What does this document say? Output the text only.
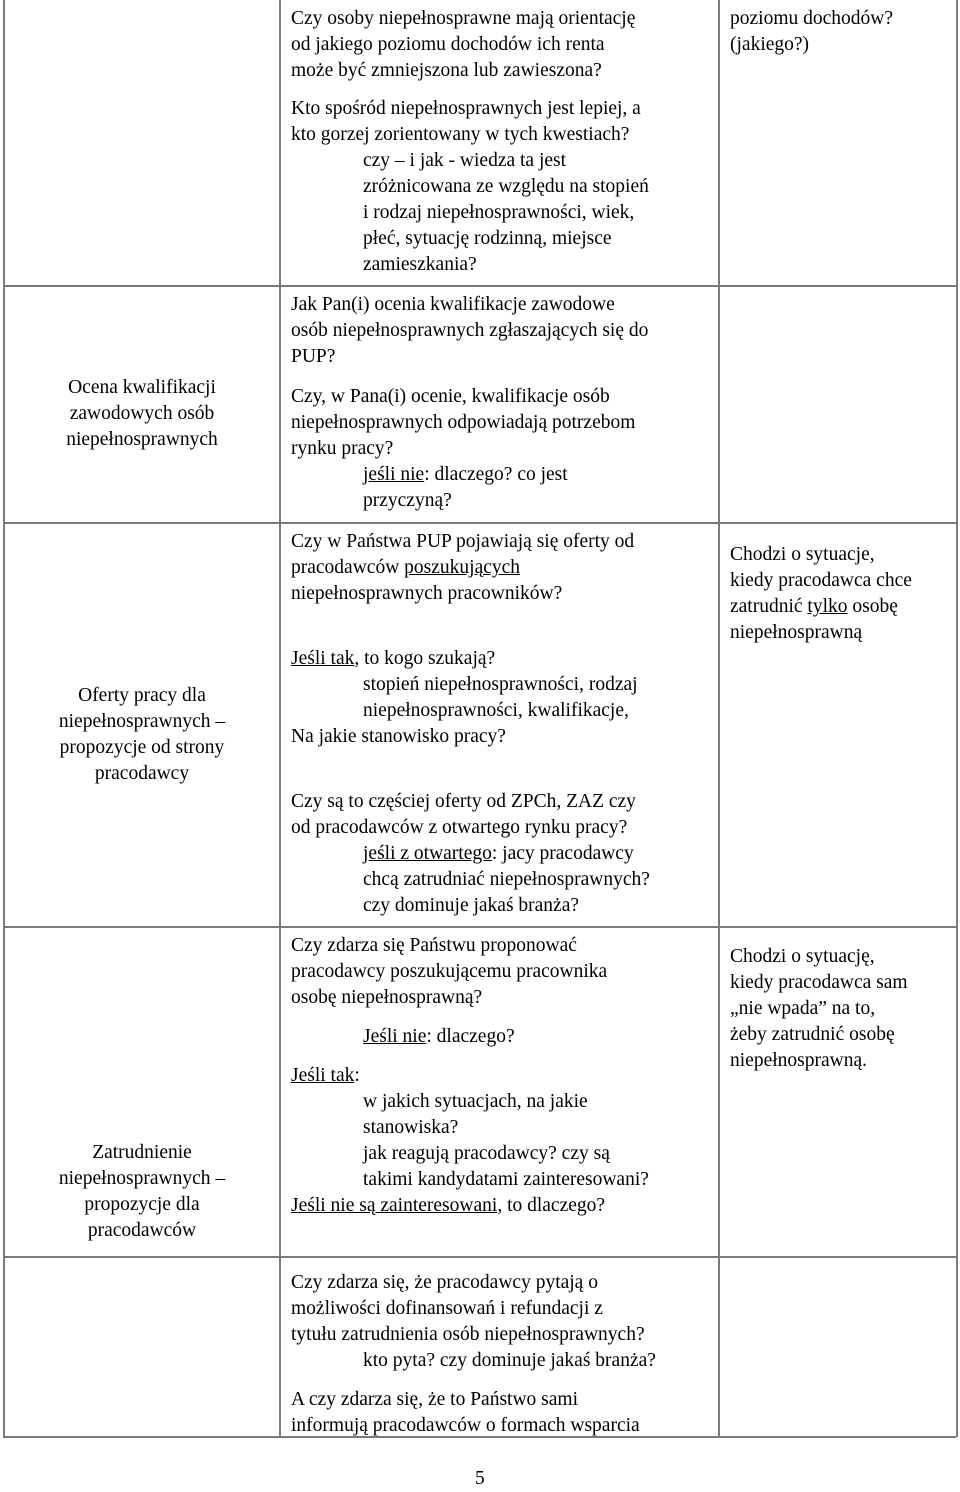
poziomu dochodów?
(jakiego?)
Czy osoby niepełnosprawne mają orientację
od jakiego poziomu dochodów ich renta
może być zmniejszona lub zawieszona?
Kto spośród niepełnosprawnych jest lepiej, a
kto gorzej zorientowany w tych kwestiach?
czy – i jak - wiedza ta jest
zróżnicowana ze względu na stopień
i rodzaj niepełnosprawności, wiek,
płeć, sytuację rodzinną, miejsce
zamieszkania?
Ocena kwalifikacji
zawodowych osób
niepełnosprawnych
Jak Pan(i) ocenia kwalifikacje zawodowe
osób niepełnosprawnych zgłaszających się do
PUP?
Czy, w Pana(i) ocenie, kwalifikacje osób
niepełnosprawnych odpowiadają potrzebom
rynku pracy?
jeśli nie: dlaczego? co jest
przyczyną?
Oferty pracy dla
niepełnosprawnych –
propozycje od strony
pracodawcy
Czy w Państwa PUP pojawiają się oferty od
pracodawców poszukujących
niepełnosprawnych pracowników?
Jeśli tak, to kogo szukają?
stopień niepełnosprawności, rodzaj
niepełnosprawności, kwalifikacje,
Na jakie stanowisko pracy?
Czy są to częściej oferty od ZPCh, ZAZ czy
od pracodawców z otwartego rynku pracy?
jeśli z otwartego: jacy pracodawcy
chcą zatrudniać niepełnosprawnych?
czy dominuje jakaś branża?
Chodzi o sytuacje,
kiedy pracodawca chce
zatrudnić tylko osobę
niepełnosprawną
Zatrudnienie
niepełnosprawnych –
propozycje dla
pracodawców
Czy zdarza się Państwu proponować
pracodawcy poszukującemu pracownika
osobę niepełnosprawną?
Jeśli nie: dlaczego?
Jeśli tak:
w jakich sytuacjach, na jakie
stanowiska?
jak reagują pracodawcy? czy są
takimi kandydatami zainteresowani?
Jeśli nie są zainteresowani, to dlaczego?
Chodzi o sytuację,
kiedy pracodawca sam
„nie wpada” na to,
żeby zatrudnić osobę
niepełnosprawną.
Czy zdarza się, że pracodawcy pytają o
możliwości dofinansowań i refundacji z
tytułu zatrudnienia osób niepełnosprawnych?
kto pyta? czy dominuje jakaś branża?
A czy zdarza się, że to Państwo sami
informują pracodawców o formach wsparcia
5
